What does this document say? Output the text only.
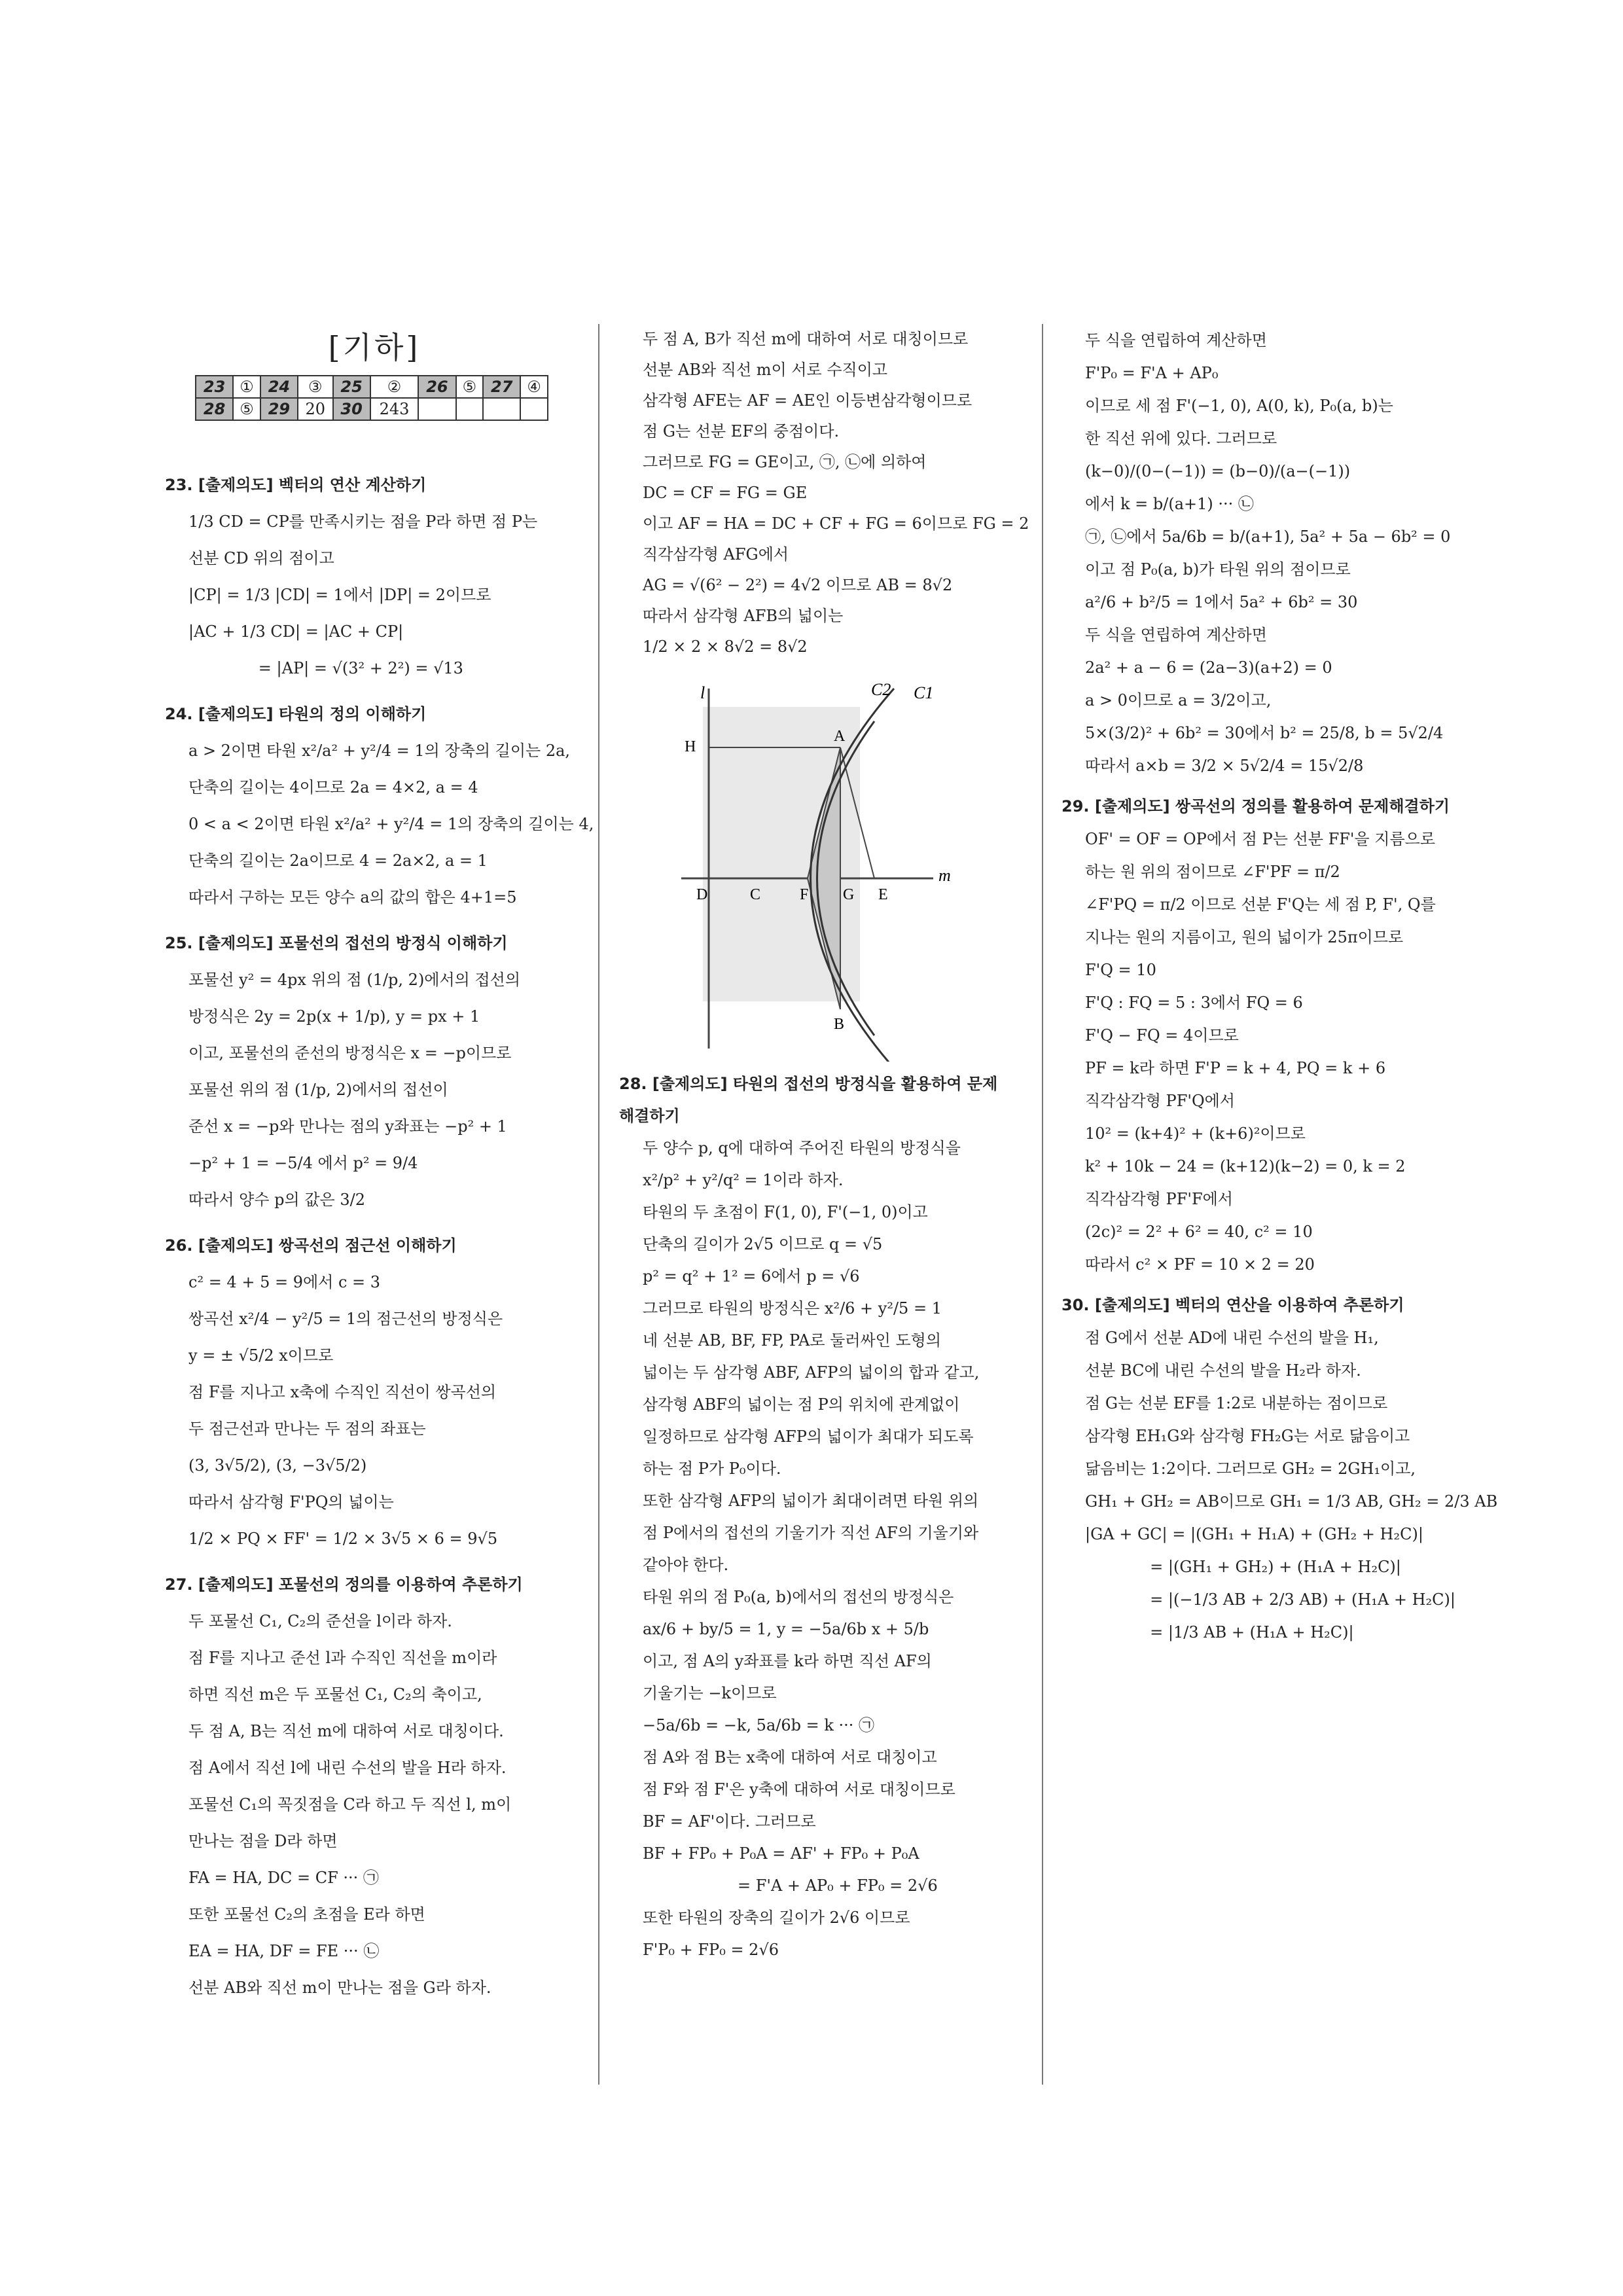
[기하]
23	①	24	③	25	②	26	⑤	27	④
28	⑤	29	20	30	243				
23. [출제의도] 벡터의 연산 계산하기
1/3 CD = CP를 만족시키는 점을 P라 하면 점 P는
선분 CD 위의 점이고
|CP| = 1/3 |CD| = 1에서 |DP| = 2이므로
|AC + 1/3 CD| = |AC + CP|
= |AP| = √(3² + 2²) = √13
24. [출제의도] 타원의 정의 이해하기
a > 2이면 타원 x²/a² + y²/4 = 1의 장축의 길이는 2a,
단축의 길이는 4이므로 2a = 4×2, a = 4
0 < a < 2이면 타원 x²/a² + y²/4 = 1의 장축의 길이는 4,
단축의 길이는 2a이므로 4 = 2a×2, a = 1
따라서 구하는 모든 양수 a의 값의 합은 4+1=5
25. [출제의도] 포물선의 접선의 방정식 이해하기
포물선 y² = 4px 위의 점 (1/p, 2)에서의 접선의
방정식은 2y = 2p(x + 1/p), y = px + 1
이고, 포물선의 준선의 방정식은 x = −p이므로
포물선 위의 점 (1/p, 2)에서의 접선이
준선 x = −p와 만나는 점의 y좌표는 −p² + 1
−p² + 1 = −5/4 에서 p² = 9/4
따라서 양수 p의 값은 3/2
26. [출제의도] 쌍곡선의 점근선 이해하기
c² = 4 + 5 = 9에서 c = 3
쌍곡선 x²/4 − y²/5 = 1의 점근선의 방정식은
y = ± √5/2 x이므로
점 F를 지나고 x축에 수직인 직선이 쌍곡선의
두 점근선과 만나는 두 점의 좌표는
(3, 3√5/2), (3, −3√5/2)
따라서 삼각형 F'PQ의 넓이는
1/2 × PQ × FF' = 1/2 × 3√5 × 6 = 9√5
27. [출제의도] 포물선의 정의를 이용하여 추론하기
두 포물선 C₁, C₂의 준선을 l이라 하자.
점 F를 지나고 준선 l과 수직인 직선을 m이라
하면 직선 m은 두 포물선 C₁, C₂의 축이고,
두 점 A, B는 직선 m에 대하여 서로 대칭이다.
점 A에서 직선 l에 내린 수선의 발을 H라 하자.
포물선 C₁의 꼭짓점을 C라 하고 두 직선 l, m이
만나는 점을 D라 하면
FA = HA, DC = CF ··· ㉠
또한 포물선 C₂의 초점을 E라 하면
EA = HA, DF = FE ··· ㉡
선분 AB와 직선 m이 만나는 점을 G라 하자.
두 점 A, B가 직선 m에 대하여 서로 대칭이므로
선분 AB와 직선 m이 서로 수직이고
삼각형 AFE는 AF = AE인 이등변삼각형이므로
점 G는 선분 EF의 중점이다.
그러므로 FG = GE이고, ㉠, ㉡에 의하여
DC = CF = FG = GE
이고 AF = HA = DC + CF + FG = 6이므로 FG = 2
직각삼각형 AFG에서
AG = √(6² − 2²) = 4√2 이므로 AB = 8√2
따라서 삼각형 AFB의 넓이는
1/2 × 2 × 8√2 = 8√2
l	C2 C1
H
A
D	C F G E
m
B
28. [출제의도] 타원의 접선의 방정식을 활용하여 문제
해결하기
두 양수 p, q에 대하여 주어진 타원의 방정식을
x²/p² + y²/q² = 1이라 하자.
타원의 두 초점이 F(1, 0), F'(−1, 0)이고
단축의 길이가 2√5 이므로 q = √5
p² = q² + 1² = 6에서 p = √6
그러므로 타원의 방정식은 x²/6 + y²/5 = 1
네 선분 AB, BF, FP, PA로 둘러싸인 도형의
넓이는 두 삼각형 ABF, AFP의 넓이의 합과 같고,
삼각형 ABF의 넓이는 점 P의 위치에 관계없이
일정하므로 삼각형 AFP의 넓이가 최대가 되도록
하는 점 P가 P₀이다.
또한 삼각형 AFP의 넓이가 최대이려면 타원 위의
점 P에서의 접선의 기울기가 직선 AF의 기울기와
같아야 한다.
타원 위의 점 P₀(a, b)에서의 접선의 방정식은
ax/6 + by/5 = 1, y = −5a/6b x + 5/b
이고, 점 A의 y좌표를 k라 하면 직선 AF의
기울기는 −k이므로
−5a/6b = −k, 5a/6b = k ··· ㉠
점 A와 점 B는 x축에 대하여 서로 대칭이고
점 F와 점 F'은 y축에 대하여 서로 대칭이므로
BF = AF'이다. 그러므로
BF + FP₀ + P₀A = AF' + FP₀ + P₀A
= F'A + AP₀ + FP₀ = 2√6
또한 타원의 장축의 길이가 2√6 이므로
F'P₀ + FP₀ = 2√6
두 식을 연립하여 계산하면
F'P₀ = F'A + AP₀
이므로 세 점 F'(−1, 0), A(0, k), P₀(a, b)는
한 직선 위에 있다. 그러므로
(k−0)/(0−(−1)) = (b−0)/(a−(−1))
에서 k = b/(a+1) ··· ㉡
㉠, ㉡에서 5a/6b = b/(a+1), 5a² + 5a − 6b² = 0
이고 점 P₀(a, b)가 타원 위의 점이므로
a²/6 + b²/5 = 1에서 5a² + 6b² = 30
두 식을 연립하여 계산하면
2a² + a − 6 = (2a−3)(a+2) = 0
a > 0이므로 a = 3/2이고,
5×(3/2)² + 6b² = 30에서 b² = 25/8, b = 5√2/4
따라서 a×b = 3/2 × 5√2/4 = 15√2/8
29. [출제의도] 쌍곡선의 정의를 활용하여 문제해결하기
OF' = OF = OP에서 점 P는 선분 FF'을 지름으로
하는 원 위의 점이므로 ∠F'PF = π/2
∠F'PQ = π/2 이므로 선분 F'Q는 세 점 P, F', Q를
지나는 원의 지름이고, 원의 넓이가 25π이므로
F'Q = 10
F'Q : FQ = 5 : 3에서 FQ = 6
F'Q − FQ = 4이므로
PF = k라 하면 F'P = k + 4, PQ = k + 6
직각삼각형 PF'Q에서
10² = (k+4)² + (k+6)²이므로
k² + 10k − 24 = (k+12)(k−2) = 0, k = 2
직각삼각형 PF'F에서
(2c)² = 2² + 6² = 40, c² = 10
따라서 c² × PF = 10 × 2 = 20
30. [출제의도] 벡터의 연산을 이용하여 추론하기
점 G에서 선분 AD에 내린 수선의 발을 H₁,
선분 BC에 내린 수선의 발을 H₂라 하자.
점 G는 선분 EF를 1:2로 내분하는 점이므로
삼각형 EH₁G와 삼각형 FH₂G는 서로 닮음이고
닮음비는 1:2이다. 그러므로 GH₂ = 2GH₁이고,
GH₁ + GH₂ = AB이므로 GH₁ = 1/3 AB, GH₂ = 2/3 AB
|GA + GC| = |(GH₁ + H₁A) + (GH₂ + H₂C)|
= |(GH₁ + GH₂) + (H₁A + H₂C)|
= |(−1/3 AB + 2/3 AB) + (H₁A + H₂C)|
= |1/3 AB + (H₁A + H₂C)|
